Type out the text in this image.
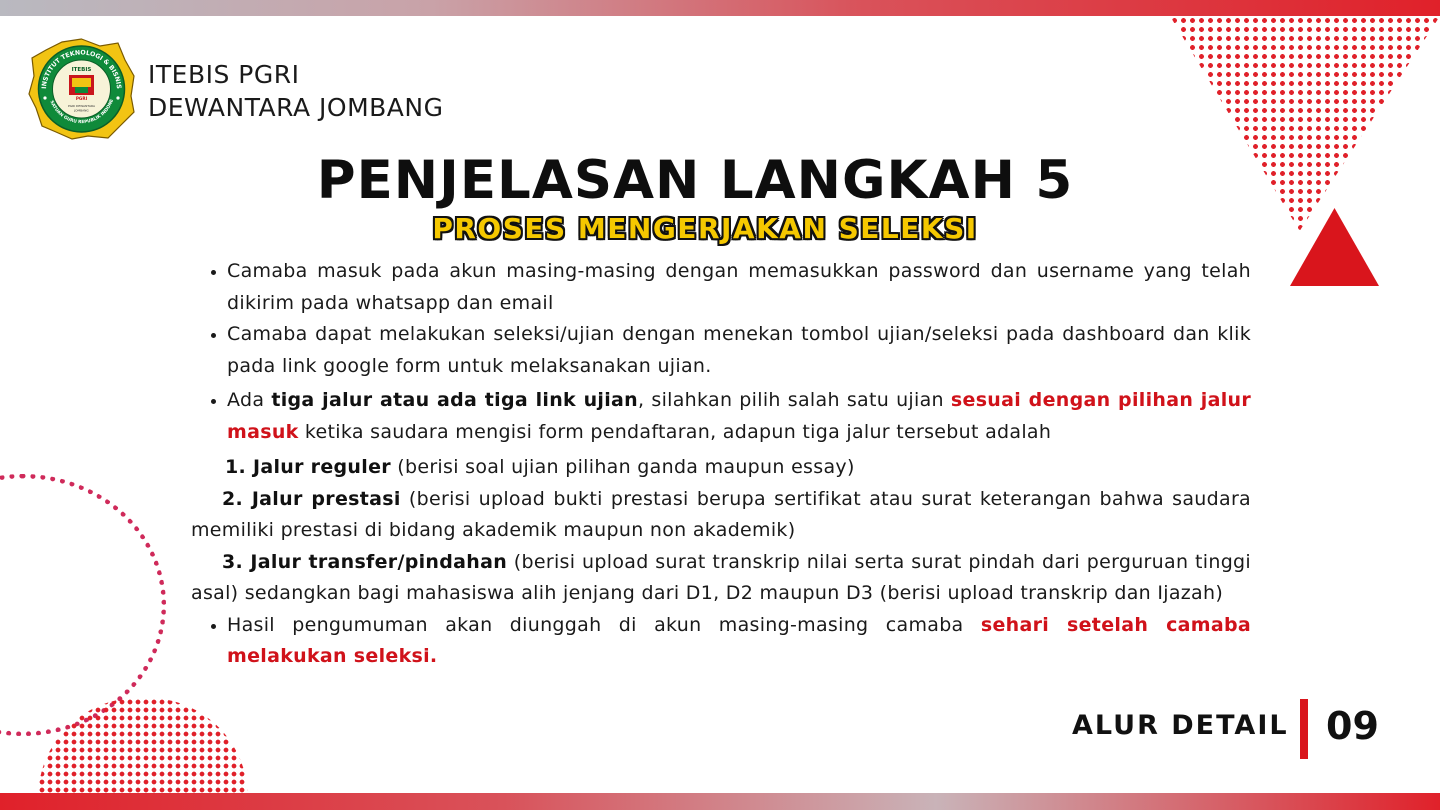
INSTITUT TEKNOLOGI & BISNIS
SATUAN GURU REPUBLIK INDONE
ITEBIS
PGRI
PGRI DEWANTARA
JOMBANG
ITEBIS PGRI
DEWANTARA JOMBANG
PENJELASAN LANGKAH 5
PROSES MENGERJAKAN SELEKSI
• Camaba masuk pada akun masing-masing dengan memasukkan password dan username yang telah dikirim pada whatsapp dan email
• Camaba dapat melakukan seleksi/ujian dengan menekan tombol ujian/seleksi pada dashboard dan klik pada link google form untuk melaksanakan ujian.
• Ada tiga jalur atau ada tiga link ujian, silahkan pilih salah satu ujian sesuai dengan pilihan jalur masuk ketika saudara mengisi form pendaftaran, adapun tiga jalur tersebut adalah

1. Jalur reguler (berisi soal ujian pilihan ganda maupun essay)

2. Jalur prestasi (berisi upload bukti prestasi berupa sertifikat atau surat keterangan bahwa saudara memiliki prestasi di bidang akademik maupun non akademik)

3. Jalur transfer/pindahan (berisi upload surat transkrip nilai serta surat pindah dari perguruan tinggi asal) sedangkan bagi mahasiswa alih jenjang dari D1, D2 maupun D3 (berisi upload transkrip dan Ijazah)

• Hasil pengumuman akan diunggah di akun masing-masing camaba sehari setelah camaba melakukan seleksi.
ALUR DETAIL 09
